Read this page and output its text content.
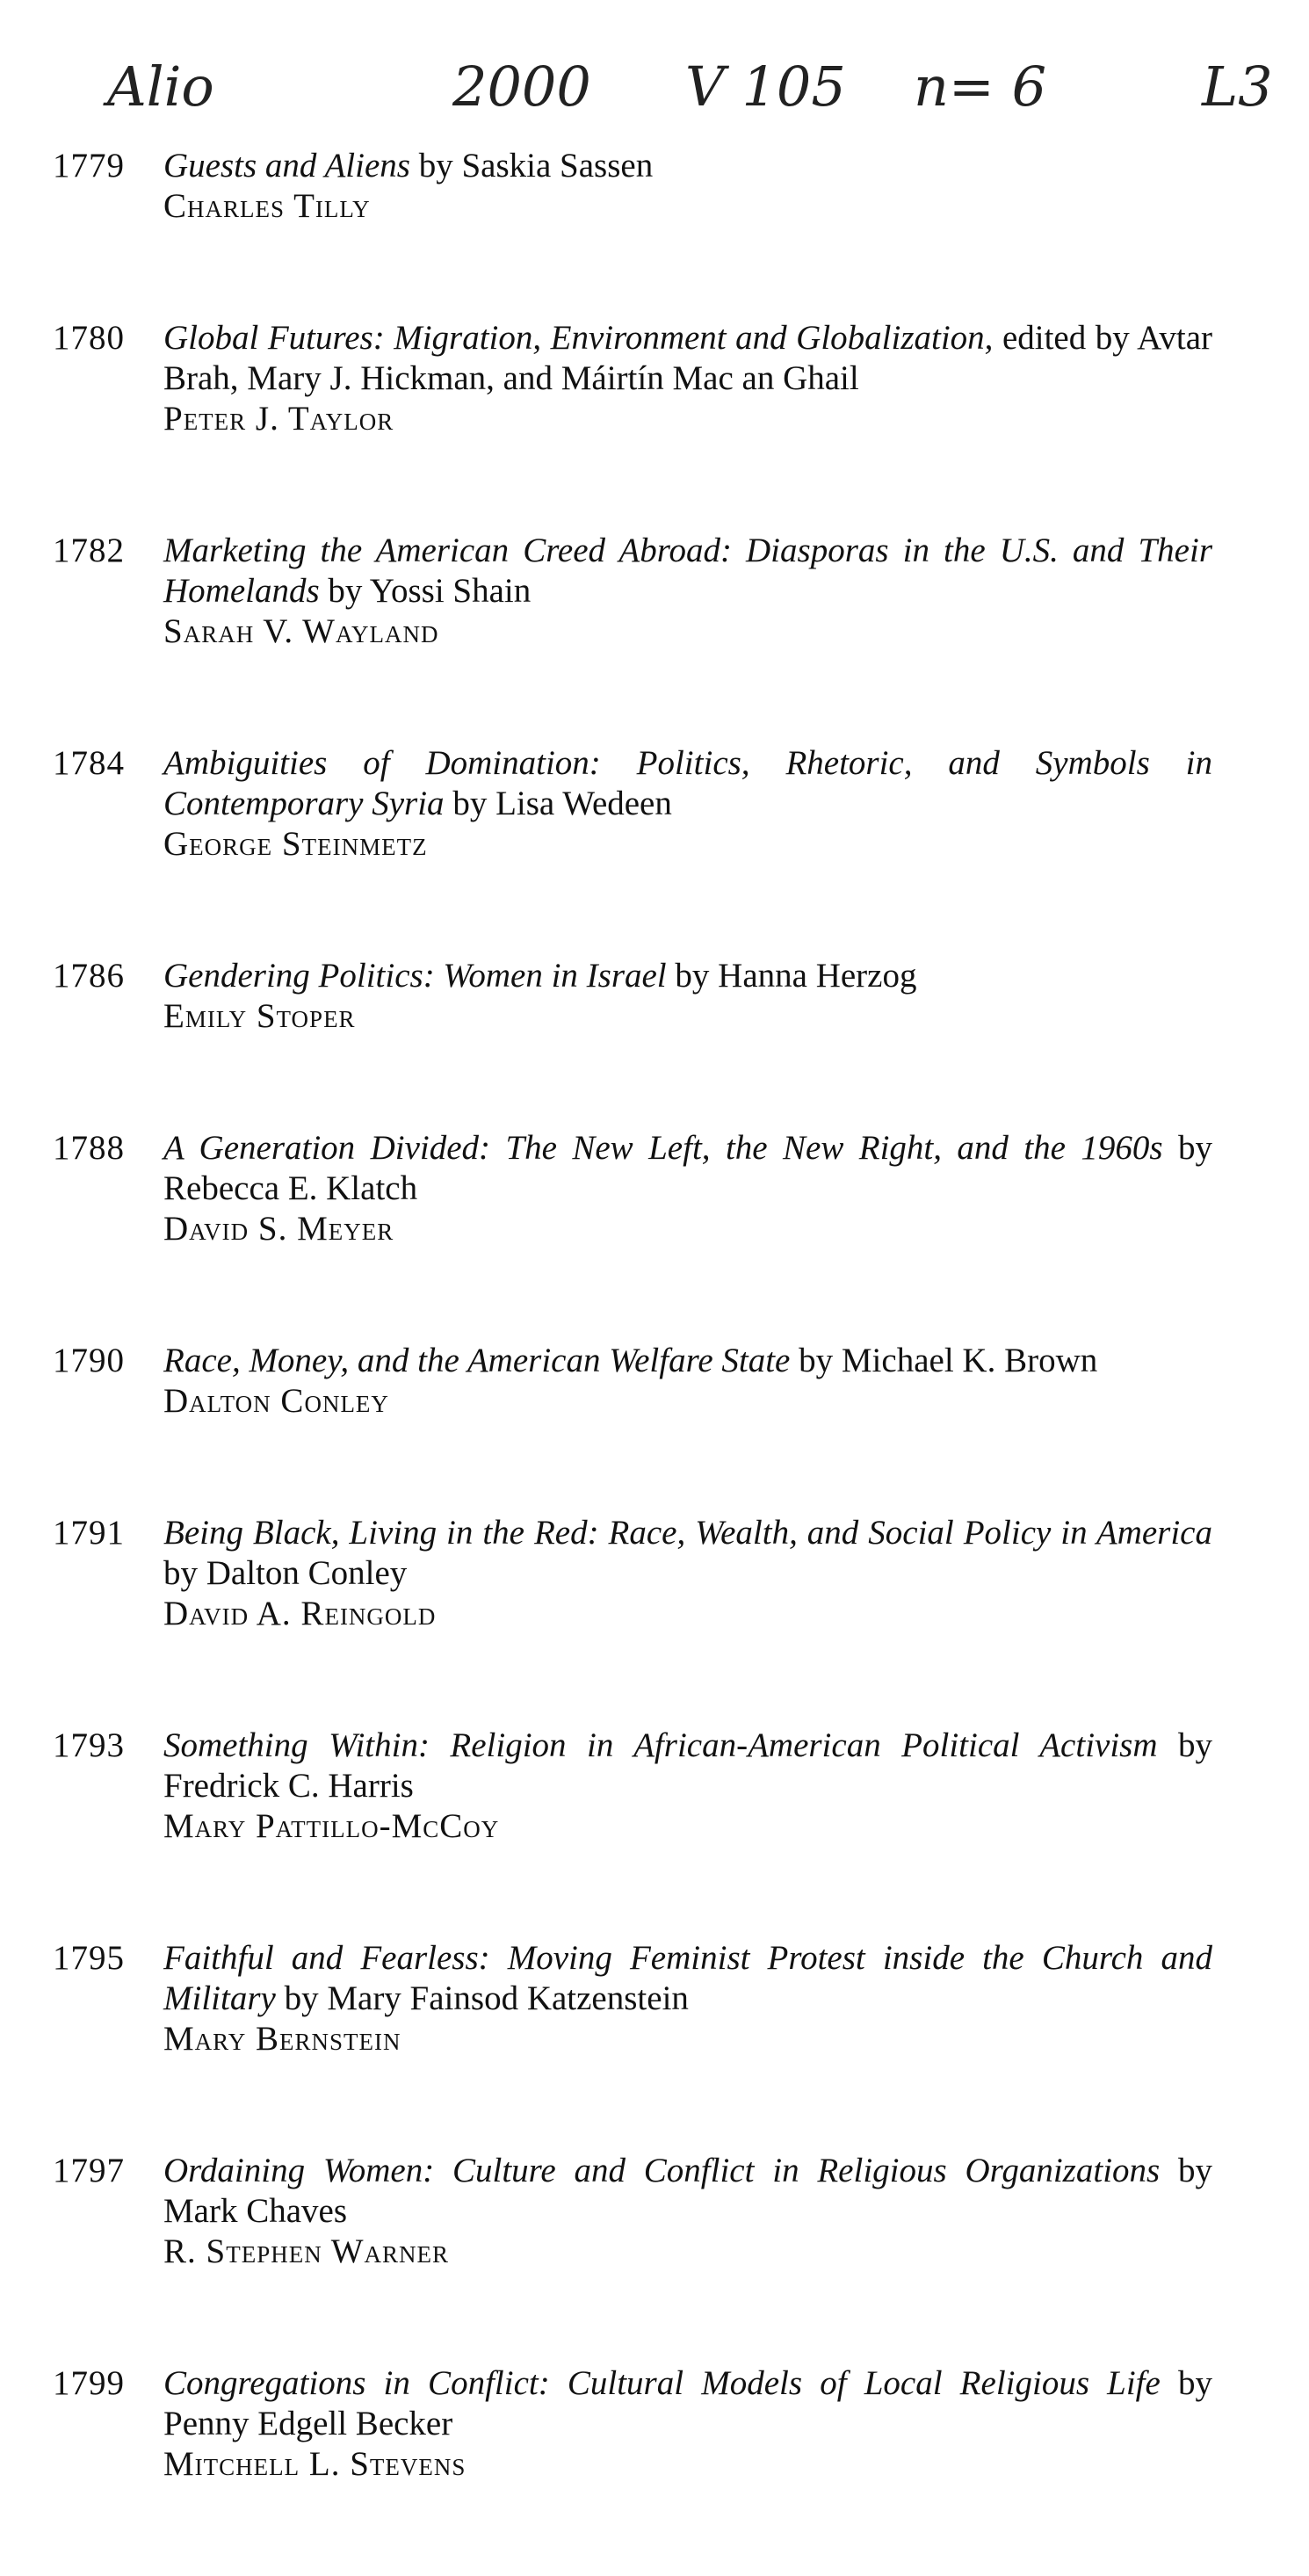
Alio	2000 V 105 n= 6	L3
1779	Guests and Aliens by Saskia Sassen
Charles Tilly
1780	Global Futures: Migration, Environment and Globalization, edited by Avtar Brah, Mary J. Hickman, and Máirtín Mac an Ghail
Peter J. Taylor
1782	Marketing the American Creed Abroad: Diasporas in the U.S. and Their Homelands by Yossi Shain
Sarah V. Wayland
1784	Ambiguities of Domination: Politics, Rhetoric, and Symbols in Contemporary Syria by Lisa Wedeen
George Steinmetz
1786	Gendering Politics: Women in Israel by Hanna Herzog
Emily Stoper
1788	A Generation Divided: The New Left, the New Right, and the 1960s by Rebecca E. Klatch
David S. Meyer
1790	Race, Money, and the American Welfare State by Michael K. Brown
Dalton Conley
1791	Being Black, Living in the Red: Race, Wealth, and Social Policy in America by Dalton Conley
David A. Reingold
1793	Something Within: Religion in African-American Political Activism by Fredrick C. Harris
Mary Pattillo-McCoy
1795	Faithful and Fearless: Moving Feminist Protest inside the Church and Military by Mary Fainsod Katzenstein
Mary Bernstein
1797	Ordaining Women: Culture and Conflict in Religious Organizations by Mark Chaves
R. Stephen Warner
1799	Congregations in Conflict: Cultural Models of Local Religious Life by Penny Edgell Becker
Mitchell L. Stevens
